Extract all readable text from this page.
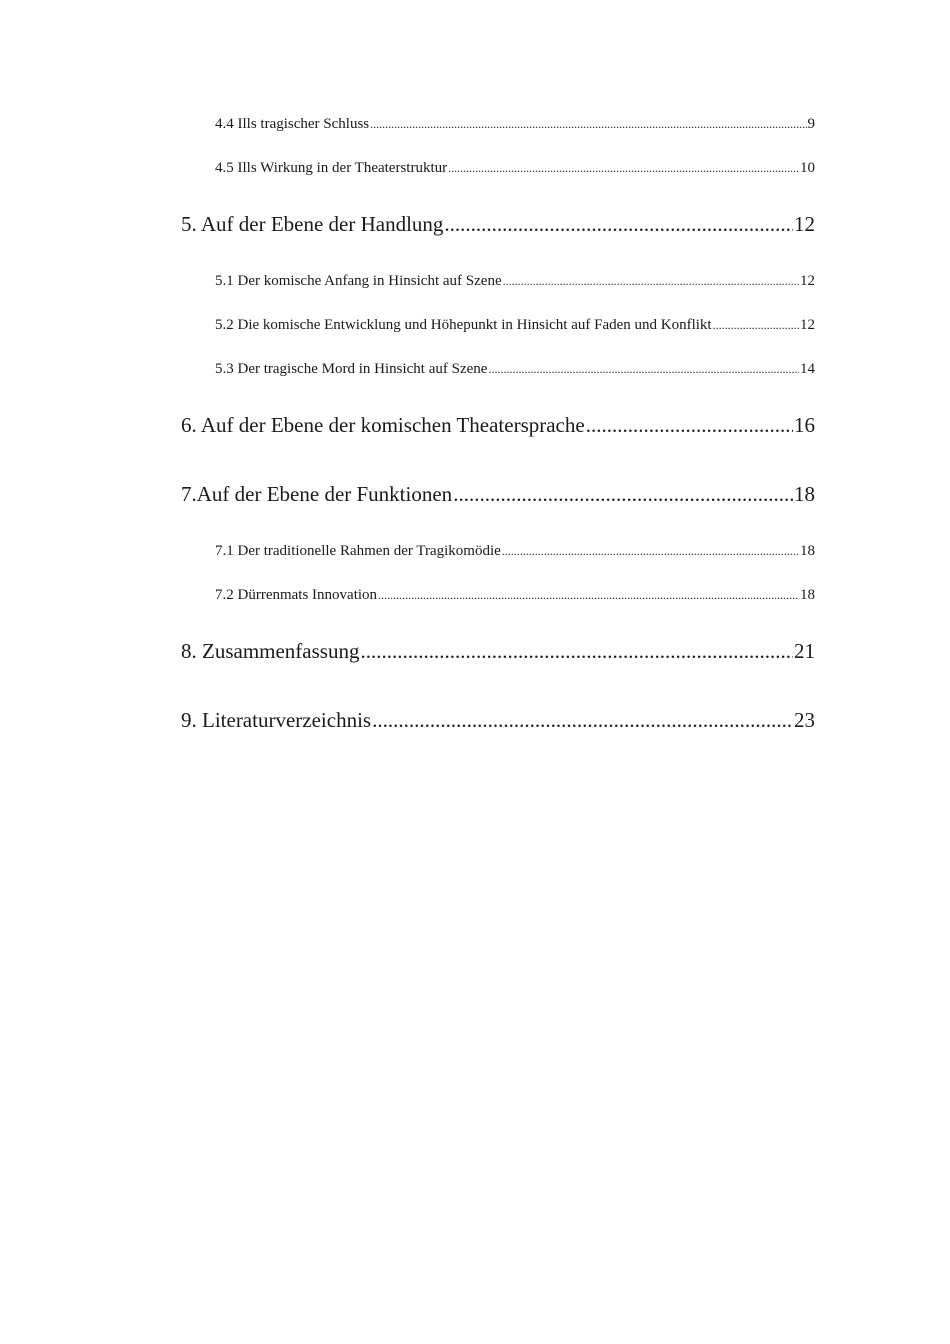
4.4 Ills tragischer Schluss .....	9
4.5 Ills Wirkung in der Theaterstruktur .....	10
5. Auf der Ebene der Handlung .....	12
5.1 Der komische Anfang in Hinsicht auf Szene .....	12
5.2 Die komische Entwicklung und Höhepunkt in Hinsicht auf Faden und Konflikt .....	12
5.3 Der tragische Mord in Hinsicht auf Szene .....	14
6. Auf der Ebene der komischen Theatersprache .....	16
7.Auf der Ebene der Funktionen .....	18
7.1 Der traditionelle Rahmen der Tragikomödie .....	18
7.2 Dürrenmats Innovation .....	18
8. Zusammenfassung .....	21
9. Literaturverzeichnis .....	23
